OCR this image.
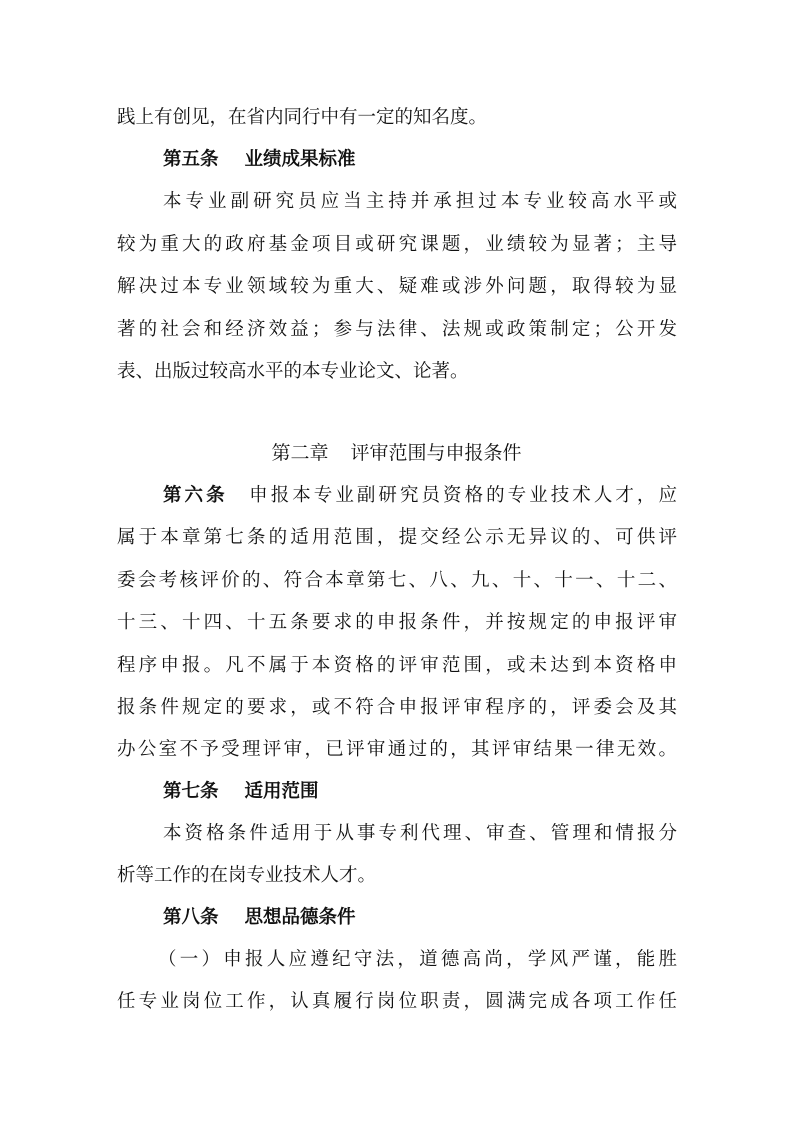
践上有创见，在省内同行中有一定的知名度。
第五条 业绩成果标准
本专业副研究员应当主持并承担过本专业较高水平或
较为重大的政府基金项目或研究课题，业绩较为显著；主导
解决过本专业领域较为重大、疑难或涉外问题，取得较为显
著的社会和经济效益；参与法律、法规或政策制定；公开发
表、出版过较高水平的本专业论文、论著。
第二章 评审范围与申报条件
第六条　 申报本专业副研究员资格的专业技术人才，应
属于本章第七条的适用范围，提交经公示无异议的、可供评
委会考核评价的、符合本章第七、八、九、十、十一、十二、
十三、十四、十五条要求的申报条件，并按规定的申报评审
程序申报。凡不属于本资格的评审范围，或未达到本资格申
报条件规定的要求，或不符合申报评审程序的，评委会及其
办公室不予受理评审，已评审通过的，其评审结果一律无效。
第七条 适用范围
本资格条件适用于从事专利代理、审查、管理和情报分
析等工作的在岗专业技术人才。
第八条 思想品德条件
（一）申报人应遵纪守法，道德高尚，学风严谨，能胜
任专业岗位工作，认真履行岗位职责，圆满完成各项工作任
